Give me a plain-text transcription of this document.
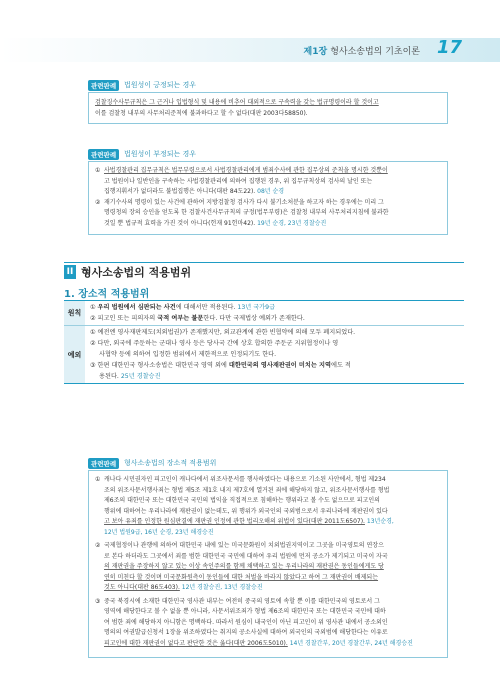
제1장 형사소송법의 기초이론 17
관련판례	법원성이 긍정되는 경우

검찰징수사무규칙은 그 근거나 입법형식 및 내용에 비추어 대외적으로 구속력을 갖는 법규명령이라 할 것이고

이를 검찰청 내부의 사무처리준칙에 불과하다고 할 수 없다(대판 2003다58850).

관련판례	법원성이 부정되는 경우
① 사법경찰관리 집무규칙은 법무부령으로서 사법경찰관리에게 범죄수사에 관한 집무상의 준칙을 명시한 것뿐이

고 법원이나 일반인을 구속하는 사법경찰관리에 의하여 집행된 경우, 위 집무규칙상의 검사의 날인 또는

집행지휘서가 없더라도 불법집행은 아니다(대판 84도22). 08년 순경

② 재기수사의 명령이 있는 사건에 관하여 지방검찰청 검사가 다시 불기소처분을 하고자 하는 경우에는 미리 그

명령청의 장의 승인을 얻도록 한 검찰사건사무규칙의 규정(법무부령)은 검찰청 내부의 사무처리지침에 불과한

것일 뿐 법규적 효력을 가진 것이 아니다(헌재 91헌마42). 19년 순경, 23년 경찰승진

II 형사소송법의 적용범위
1. 장소적 적용범위
원칙

① 우리 법원에서 심판되는 사건에 대해서만 적용된다. 13년 국가9급

② 피고인 또는 피의자의 국적 여부는 불문한다. 다만 국제법상 예외가 존재한다.

예외

① 예전엔 영사재판제도(치외법권)가 존재했지만, 외교관계에 관한 빈협약에 의해 모두 폐지되었다.

② 다만, 외국에 주둔하는 군대나 영사 등은 당사국 간에 상호 합의한 주둔군 지위협정이나 영

사협약 등에 의하여 입정한 범위에서 제한적으로 인정되기도 한다.

③ 한편 대한민국 형사소송법은 대한민국 영역 외에 대한민국의 영사재판권이 미치는 지역에도 적

용된다. 25년 경찰승진

관련판례	형사소송법의 장소적 적용범위
① 캐나다 시민권자인 피고인이 캐나다에서 위조사문서를 행사하였다는 내용으로 기소된 사안에서, 형법 제234

조의 위조사문서행사죄는 형법 제5조 제1호 내지 제7호에 열거된 죄에 해당하지 않고, 위조사문서행사를 형법

제6조의 대한민국 또는 대한민국 국민의 법익을 직접적으로 침해하는 행위라고 볼 수도 없으므로 피고인의

행위에 대하여는 우리나라에 재판권이 없는데도, 위 행위가 외국인의 국외범으로서 우리나라에 재판권이 있다

고 보아 유죄를 인정한 원심판결에 재판권 인정에 관한 법리오해의 위법이 있다(대판 2011도6507). 13년순경,

12년 법원9급, 16년 순경, 23년 해경승진

② 국제협정이나 관행에 의하여 대한민국 내에 있는 미국문화원이 치외법권지역이고 그곳을 미국영토의 연장으

로 본다 하더라도 그곳에서 죄를 범한 대한민국 국민에 대하여 우리 법원에 먼저 공소가 제기되고 미국이 자국

의 재판권을 주장하지 않고 있는 이상 속인주의를 함께 채택하고 있는 우리나라의 재판권은 동인들에게도 당

연히 미친다 할 것이며 미국문화원측이 동인들에 대한 처벌을 바라지 않았다고 하여 그 재판권이 배제되는

것도 아니다(대판 86도403). 12년 경찰승진, 13년 경찰승진

③ 중국 북경시에 소재한 대한민국 영사관 내부는 여전히 중국의 영토에 속할 뿐 이를 대한민국의 영토로서 그

영역에 해당한다고 볼 수 없을 뿐 아니라, 사문서위조죄가 형법 제6조의 대한민국 또는 대한민국 국민에 대하

여 범한 죄에 해당하지 아니함은 명백하다. 따라서 원심이 내국인이 아닌 피고인이 위 영사관 내에서 공소외인

명의의 여권발급신청서 1장을 위조하였다는 취지의 공소사실에 대하여 외국인의 국외범에 해당한다는 이유로

피고인에 대한 재판권이 없다고 판단한 것은 옳다(대판 2006도5010). 14년 경찰간부, 20년 경찰간부, 24년 해경승진
